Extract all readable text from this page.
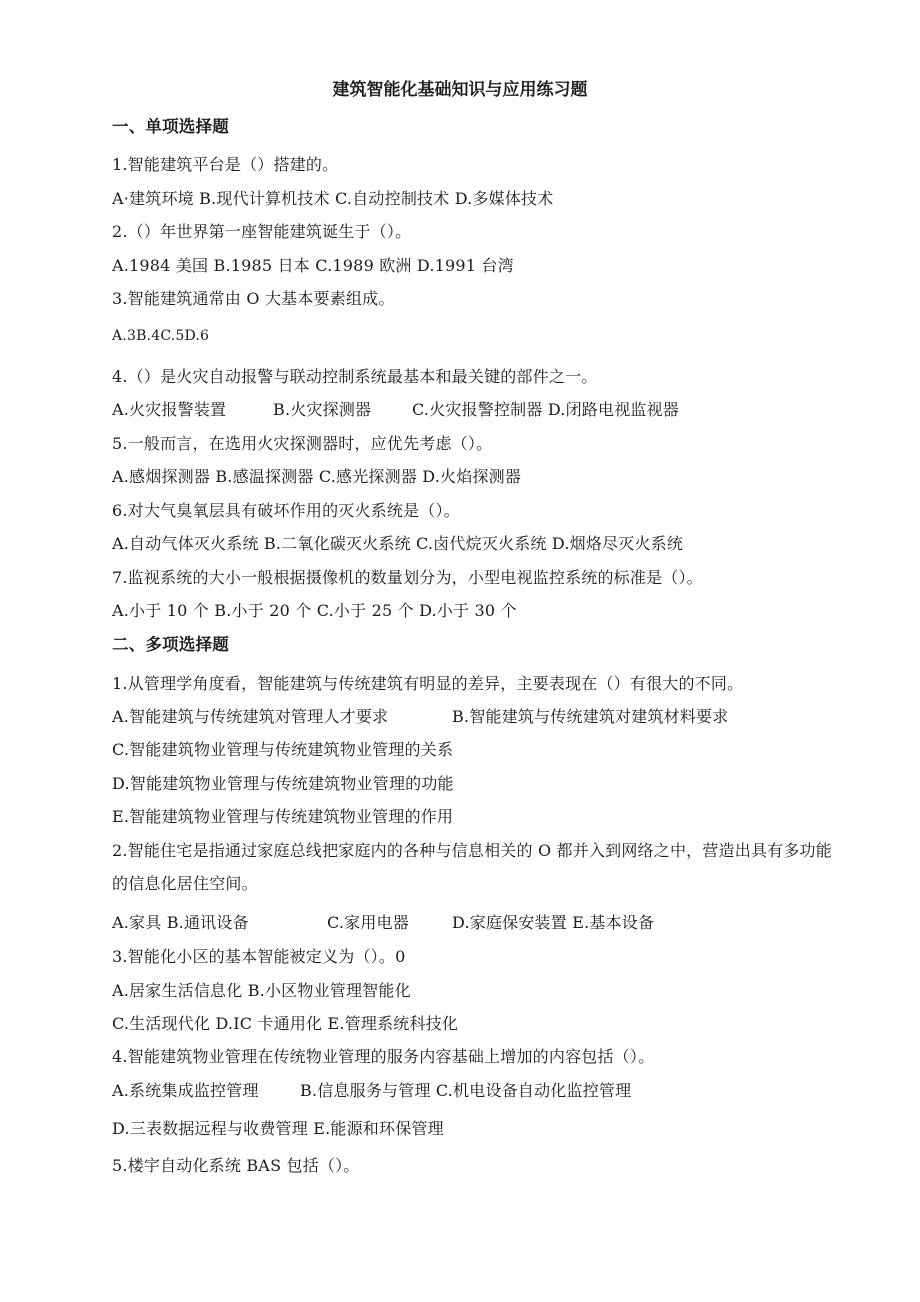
建筑智能化基础知识与应用练习题
一、单项选择题
1.智能建筑平台是（）搭建的。
A·建筑环境 B.现代计算机技术 C.自动控制技术 D.多媒体技术
2.（）年世界第一座智能建筑诞生于（）。
A.1984 美国 B.1985 日本 C.1989 欧洲 D.1991 台湾
3.智能建筑通常由 O 大基本要素组成。
A.3B.4C.5D.6
4.（）是火灾自动报警与联动控制系统最基本和最关键的部件之一。
A.火灾报警装置	B.火灾探测器	C.火灾报警控制器 D.闭路电视监视器
5.一般而言，在选用火灾探测器时，应优先考虑（）。
A.感烟探测器 B.感温探测器 C.感光探测器 D.火焰探测器
6.对大气臭氧层具有破坏作用的灭火系统是（）。
A.自动气体灭火系统 B.二氧化碳灭火系统 C.卤代烷灭火系统 D.烟烙尽灭火系统
7.监视系统的大小一般根据摄像机的数量划分为，小型电视监控系统的标准是（）。
A.小于 10 个 B.小于 20 个 C.小于 25 个 D.小于 30 个
二、多项选择题
1.从管理学角度看，智能建筑与传统建筑有明显的差异，主要表现在（）有很大的不同。
A.智能建筑与传统建筑对管理人才要求	B.智能建筑与传统建筑对建筑材料要求
C.智能建筑物业管理与传统建筑物业管理的关系
D.智能建筑物业管理与传统建筑物业管理的功能
E.智能建筑物业管理与传统建筑物业管理的作用
2.智能住宅是指通过家庭总线把家庭内的各种与信息相关的 O 都并入到网络之中，营造出具有多功能的信息化居住空间。
A.家具 B.通讯设备	C.家用电器	D.家庭保安装置 E.基本设备
3.智能化小区的基本智能被定义为（）。0
A.居家生活信息化 B.小区物业管理智能化
C.生活现代化 D.IC 卡通用化 E.管理系统科技化
4.智能建筑物业管理在传统物业管理的服务内容基础上增加的内容包括（）。
A.系统集成监控管理	B.信息服务与管理 C.机电设备自动化监控管理
D.三表数据远程与收费管理 E.能源和环保管理
5.楼宇自动化系统 BAS 包括（）。
